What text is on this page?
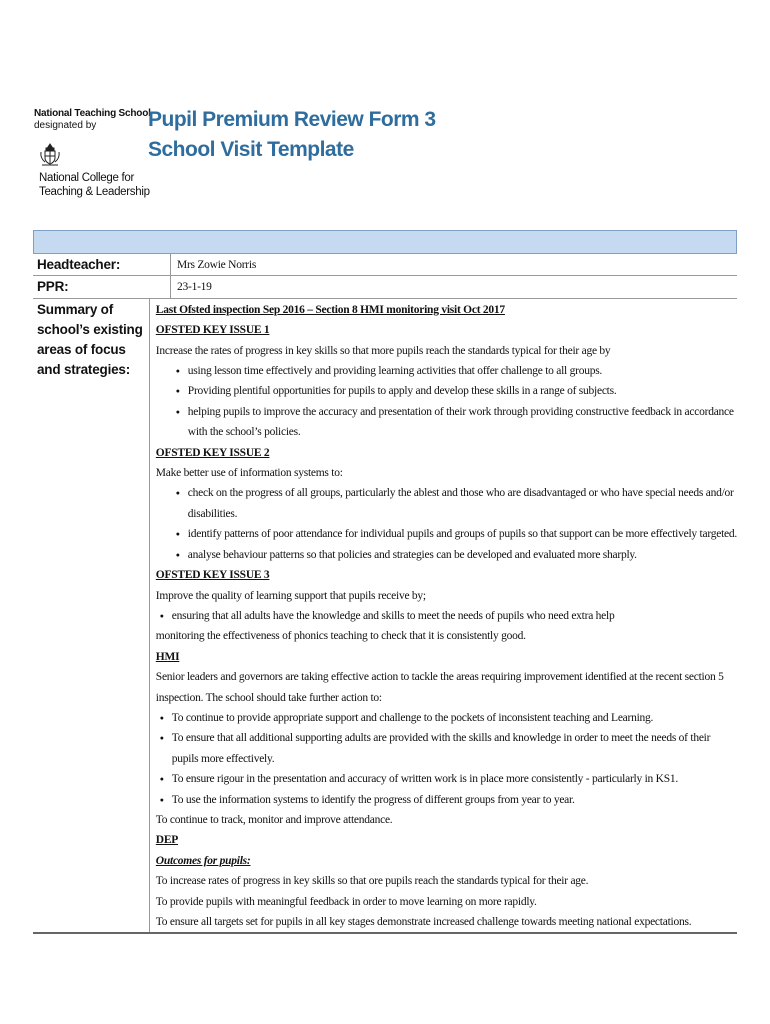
National Teaching School
designated by
National College for
Teaching & Leadership
Pupil Premium Review Form 3
School Visit Template
Headteacher:	Mrs Zowie Norris
PPR:	23-1-19
Summary of school’s existing areas of focus and strategies:
Last Ofsted inspection Sep 2016 – Section 8 HMI monitoring visit Oct 2017
OFSTED KEY ISSUE 1
Increase the rates of progress in key skills so that more pupils reach the standards typical for their age by
● using lesson time effectively and providing learning activities that offer challenge to all groups.
● Providing plentiful opportunities for pupils to apply and develop these skills in a range of subjects.
● helping pupils to improve the accuracy and presentation of their work through providing constructive feedback in accordance with the school’s policies.
OFSTED KEY ISSUE 2
Make better use of information systems to:
● check on the progress of all groups, particularly the ablest and those who are disadvantaged or who have special needs and/or disabilities.
● identify patterns of poor attendance for individual pupils and groups of pupils so that support can be more effectively targeted.
● analyse behaviour patterns so that policies and strategies can be developed and evaluated more sharply.
OFSTED KEY ISSUE 3
Improve the quality of learning support that pupils receive by;
● ensuring that all adults have the knowledge and skills to meet the needs of pupils who need extra help
monitoring the effectiveness of phonics teaching to check that it is consistently good.
HMI
Senior leaders and governors are taking effective action to tackle the areas requiring improvement identified at the recent section 5 inspection. The school should take further action to:
● To continue to provide appropriate support and challenge to the pockets of inconsistent teaching and Learning.
● To ensure that all additional supporting adults are provided with the skills and knowledge in order to meet the needs of their pupils more effectively.
● To ensure rigour in the presentation and accuracy of written work is in place more consistently - particularly in KS1.
● To use the information systems to identify the progress of different groups from year to year.
To continue to track, monitor and improve attendance.
DEP
Outcomes for pupils:
To increase rates of progress in key skills so that ore pupils reach the standards typical for their age.
To provide pupils with meaningful feedback in order to move learning on more rapidly.
To ensure all targets set for pupils in all key stages demonstrate increased challenge towards meeting national expectations.
